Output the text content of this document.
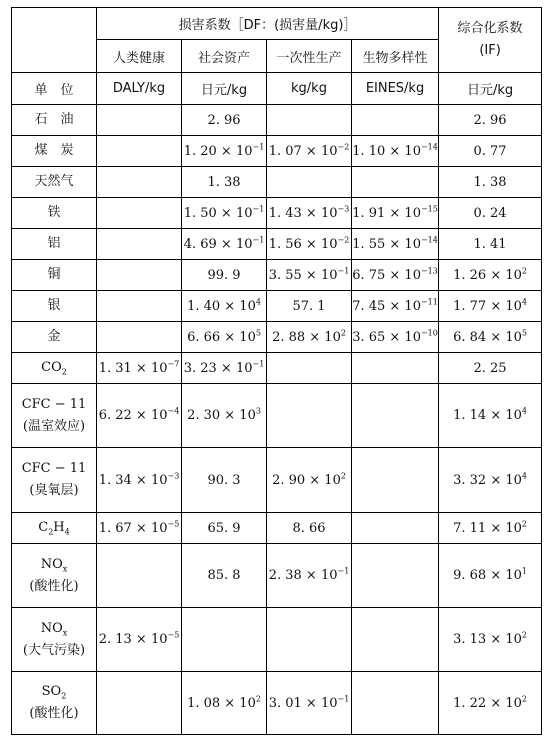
	损害系数［DF：(损害量/kg)］				综合化系数
(IF)

	人类健康	社会资产	一次性生产	生物多样性	
单　位	DALY/kg	日元/kg	kg/kg	EINES/kg	日元/kg

石　油		2. 96			2. 96

煤　炭		1. $20 \times 10^{-1}$	1. $07 \times 10^{-2}$	1. $10 \times 10^{-14}$	0. 77

天然气		1. 38			1. 38

铁		1. $50 \times 10^{-1}$	1. $43 \times 10^{-3}$	1. $91 \times 10^{-15}$	0. 24

铝		4. $69 \times 10^{-1}$	1. $56 \times 10^{-2}$	1. $55 \times 10^{-14}$	1. 41

铜		99. 9	3. $55 \times 10^{-1}$	6. $75 \times 10^{-13}$	1. $26 \times 10^2$

银		1. $40 \times 10^4$	57. 1	7. $45 \times 10^{-11}$	1. $77 \times 10^4$

金		6. $66 \times 10^5$	2. $88 \times 10^2$	3. $65 \times 10^{-10}$	6. $84 \times 10^5$

$CO_2$	1. $31 \times 10^{-7}$	3. $23 \times 10^{-1}$			2. 25

CFC − 11
(温室效应)	6. $22 \times 10^{-4}$	2. $30 \times 10^3$			1. $14 \times 10^4$

CFC − 11
(臭氧层)	1. $34 \times 10^{-3}$	90. 3	2. $90 \times 10^2$		3. $32 \times 10^4$

$C_2H_4$	1. $67 \times 10^{-5}$	65. 9	8. 66		7. $11 \times 10^2$

$NO_x$
(酸性化)		85. 8	2. $38 \times 10^{-1}$		9. $68 \times 10^1$

$NO_x$
(大气污染)	2. $13 \times 10^{-5}$				3. $13 \times 10^2$

$SO_2$
(酸性化)		1. $08 \times 10^2$	3. $01 \times 10^{-1}$		1. $22 \times 10^2$
